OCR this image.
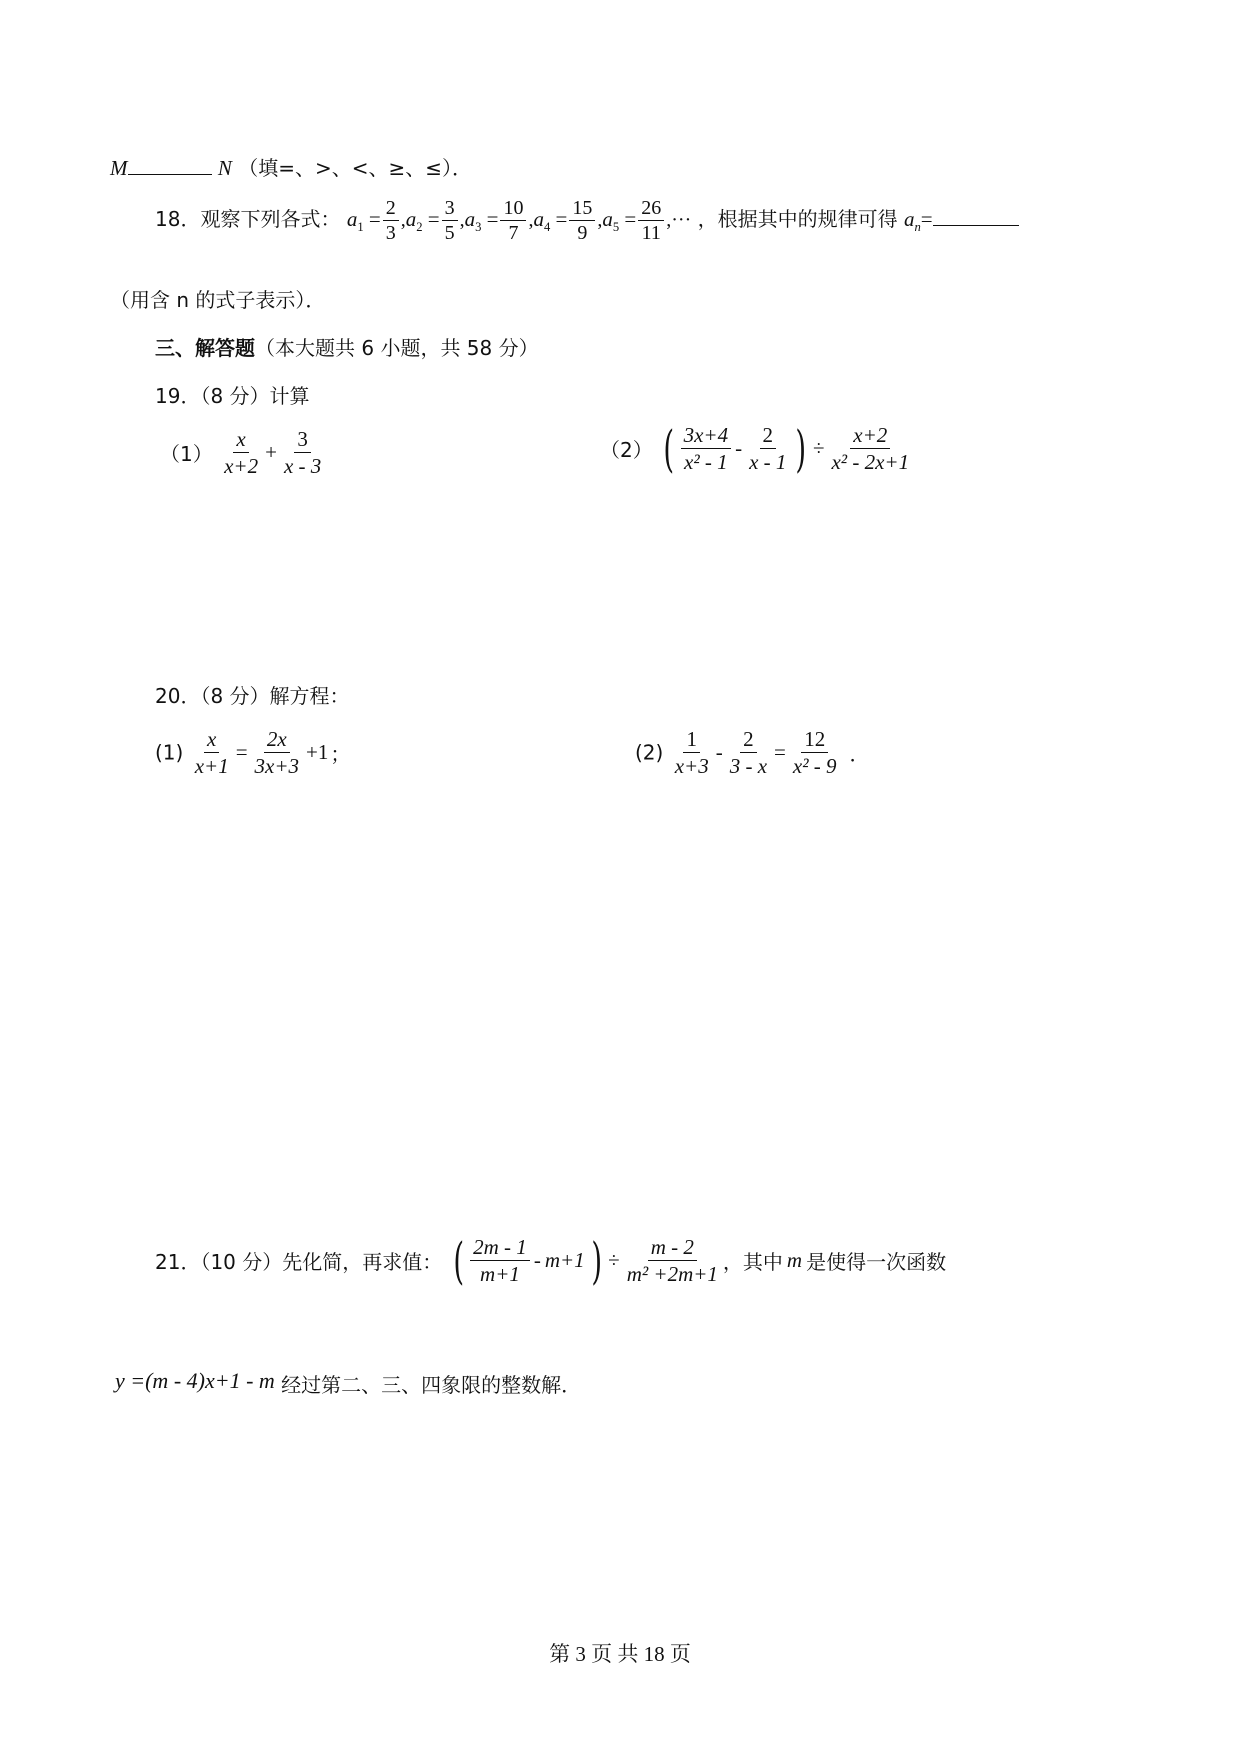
M	N （填=、>、<、≥、≤）．
18．观察下列各式： $a_1 = \frac{2}{3} ,a_2 = \frac{3}{5} ,a_3 = \frac{10}{7} ,a_4 = \frac{15}{9} ,a_5 = \frac{26}{11}$ ,··· ，根据其中的规律可得 $a_n=$
（用含 n 的式子表示）．
三、解答题（本大题共 6 小题，共 58 分）
19．（8 分）计算
$(1) \frac{x}{x+2} + \frac{3}{x - 3}$	（2） ( $\frac{3x+4}{\text{x² - 1}} - \frac{2}{x - 1}$ ) ÷ $\frac{x+2}{\text{x² - 2x+1}}$
20．（8 分）解方程：
$(1) \frac{x}{x+1} = \frac{2x}{3x+3} +1$ ；	$(2) \frac{1}{x+3} - \frac{2}{3 - x} = \frac{12}{\text{x² - 9}}$ ．
21．（10 分）先化简，再求值： ( $\frac{2m - 1}{m+1} - m+1$ ) ÷ $\frac{m - 2}{\text{m² +2m+1}}$ ，其中 m 是使得一次函数
y =(m - 4)x+1 - m 经过第二、三、四象限的整数解．
第 3 页 共 18 页
